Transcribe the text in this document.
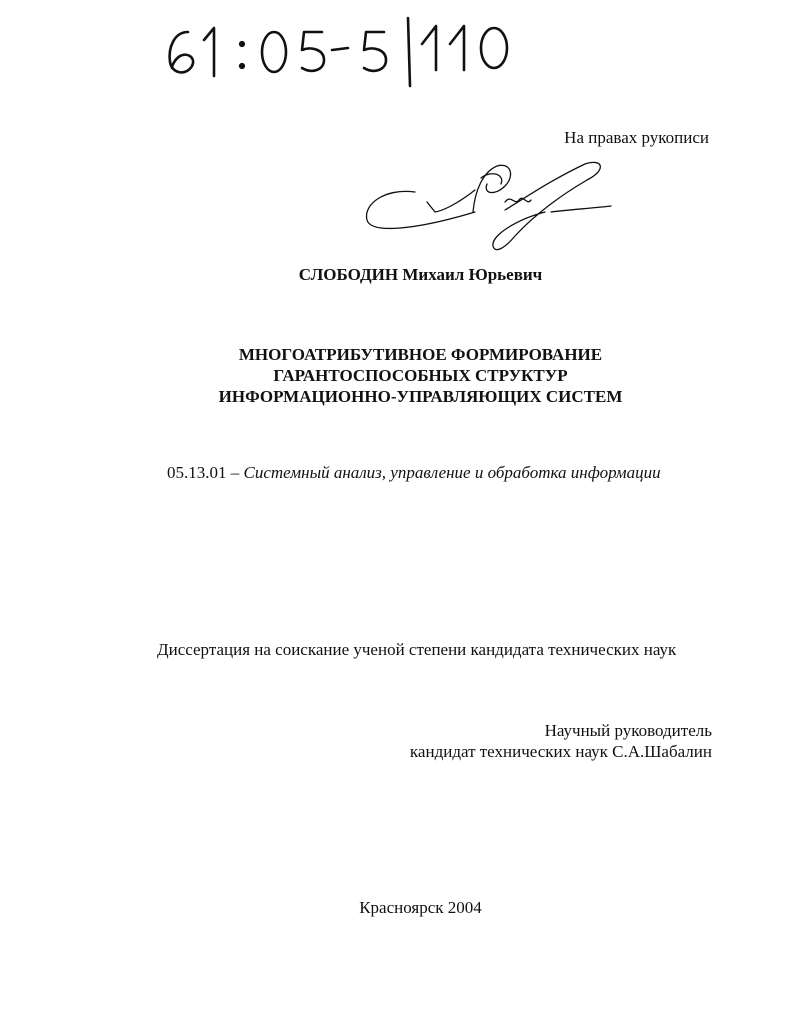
На правах рукописи
СЛОБОДИН Михаил Юрьевич
МНОГОАТРИБУТИВНОЕ ФОРМИРОВАНИЕ
ГАРАНТОСПОСОБНЫХ СТРУКТУР
ИНФОРМАЦИОННО-УПРАВЛЯЮЩИХ СИСТЕМ
05.13.01 – Системный анализ, управление и обработка информации
Диссертация на соискание ученой степени кандидата технических наук
Научный руководитель
кандидат технических наук С.А.Шабалин
Красноярск 2004
